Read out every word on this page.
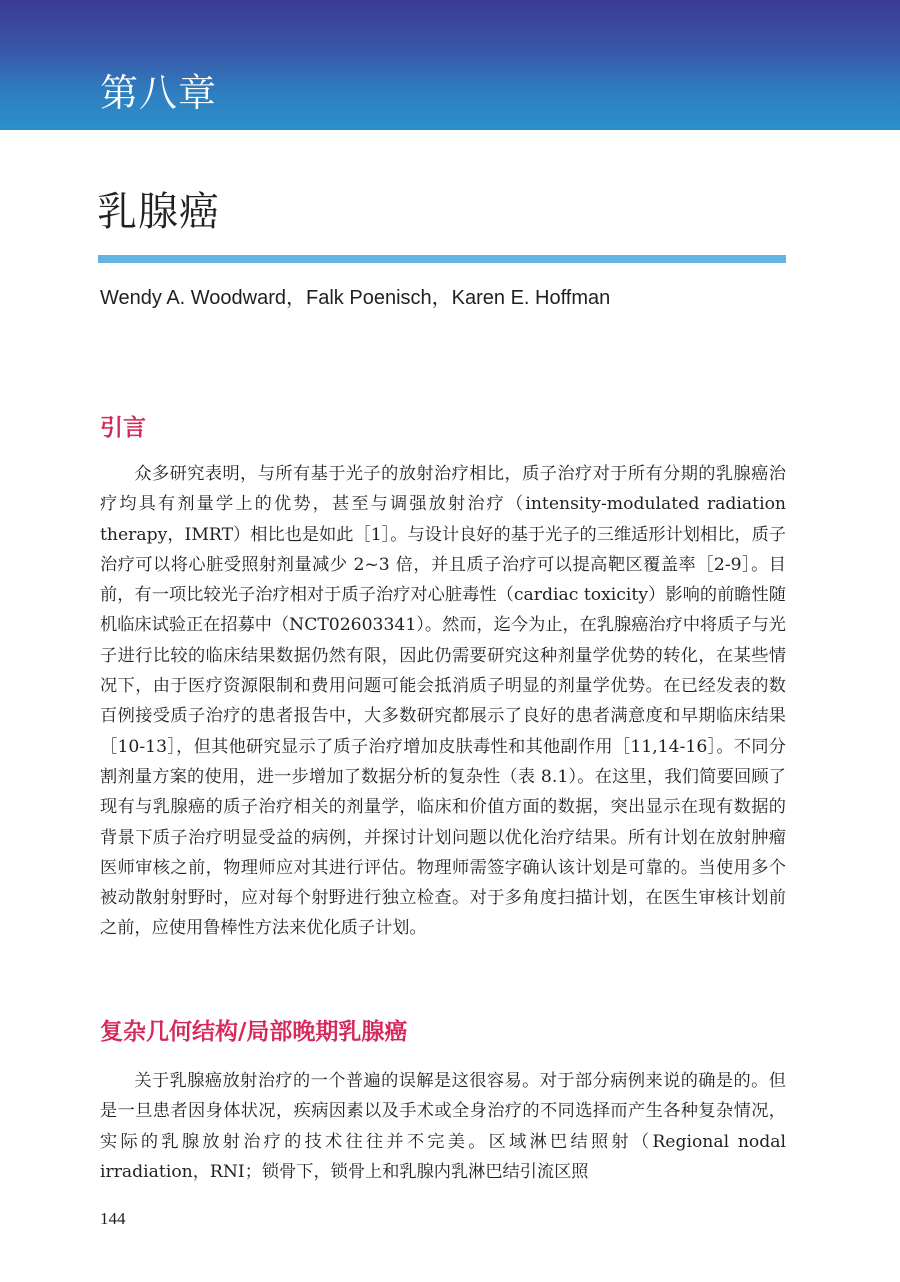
第八章
乳腺癌
Wendy A. Woodward，Falk Poenisch，Karen E. Hoffman
引言

众多研究表明，与所有基于光子的放射治疗相比，质子治疗对于所有分期的乳腺癌治疗均具有剂量学上的优势，甚至与调强放射治疗（intensity-modulated radiation therapy，IMRT）相比也是如此［1］。与设计良好的基于光子的三维适形计划相比，质子治疗可以将心脏受照射剂量减少 2~3 倍，并且质子治疗可以提高靶区覆盖率［2-9］。目前，有一项比较光子治疗相对于质子治疗对心脏毒性（cardiac toxicity）影响的前瞻性随机临床试验正在招募中（NCT02603341）。然而，迄今为止，在乳腺癌治疗中将质子与光子进行比较的临床结果数据仍然有限，因此仍需要研究这种剂量学优势的转化，在某些情况下，由于医疗资源限制和费用问题可能会抵消质子明显的剂量学优势。在已经发表的数百例接受质子治疗的患者报告中，大多数研究都展示了良好的患者满意度和早期临床结果［10-13］，但其他研究显示了质子治疗增加皮肤毒性和其他副作用［11,14-16］。不同分割剂量方案的使用，进一步增加了数据分析的复杂性（表 8.1）。在这里，我们简要回顾了现有与乳腺癌的质子治疗相关的剂量学，临床和价值方面的数据，突出显示在现有数据的背景下质子治疗明显受益的病例，并探讨计划问题以优化治疗结果。所有计划在放射肿瘤医师审核之前，物理师应对其进行评估。物理师需签字确认该计划是可靠的。当使用多个被动散射射野时，应对每个射野进行独立检查。对于多角度扫描计划，在医生审核计划前之前，应使用鲁棒性方法来优化质子计划。

复杂几何结构/局部晚期乳腺癌

关于乳腺癌放射治疗的一个普遍的误解是这很容易。对于部分病例来说的确是的。但是一旦患者因身体状况，疾病因素以及手术或全身治疗的不同选择而产生各种复杂情况，实际的乳腺放射治疗的技术往往并不完美。区域淋巴结照射（Regional nodal irradiation，RNI；锁骨下，锁骨上和乳腺内乳淋巴结引流区照

144
